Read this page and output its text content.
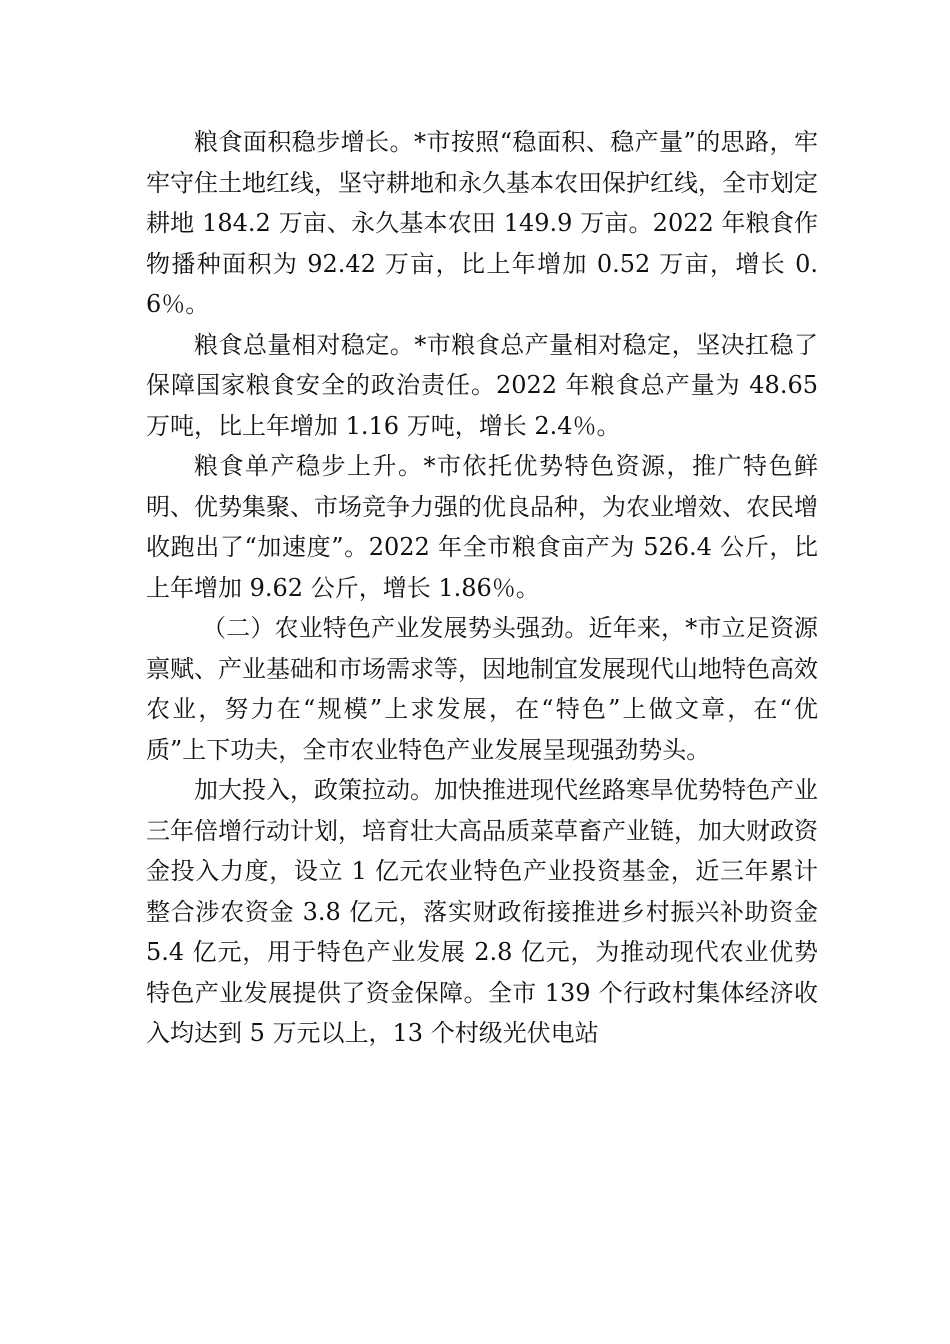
粮食面积稳步增长。*市按照“稳面积、稳产量”的思路，牢牢守住土地红线，坚守耕地和永久基本农田保护红线，全市划定耕地 184.2 万亩、永久基本农田 149.9 万亩。2022 年粮食作物播种面积为 92.42 万亩，比上年增加 0.52 万亩，增长 0.6％。

粮食总量相对稳定。*市粮食总产量相对稳定，坚决扛稳了保障国家粮食安全的政治责任。2022 年粮食总产量为 48.65 万吨，比上年增加 1.16 万吨，增长 2.4％。

粮食单产稳步上升。*市依托优势特色资源，推广特色鲜明、优势集聚、市场竞争力强的优良品种，为农业增效、农民增收跑出了“加速度”。2022 年全市粮食亩产为 526.4 公斤，比上年增加 9.62 公斤，增长 1.86％。

（二）农业特色产业发展势头强劲。近年来，*市立足资源禀赋、产业基础和市场需求等，因地制宜发展现代山地特色高效农业，努力在“规模”上求发展，在“特色”上做文章，在“优质”上下功夫，全市农业特色产业发展呈现强劲势头。

加大投入，政策拉动。加快推进现代丝路寒旱优势特色产业三年倍增行动计划，培育壮大高品质菜草畜产业链，加大财政资金投入力度，设立 1 亿元农业特色产业投资基金，近三年累计整合涉农资金 3.8 亿元，落实财政衔接推进乡村振兴补助资金 5.4 亿元，用于特色产业发展 2.8 亿元，为推动现代农业优势特色产业发展提供了资金保障。全市 139 个行政村集体经济收入均达到 5 万元以上，13 个村级光伏电站
